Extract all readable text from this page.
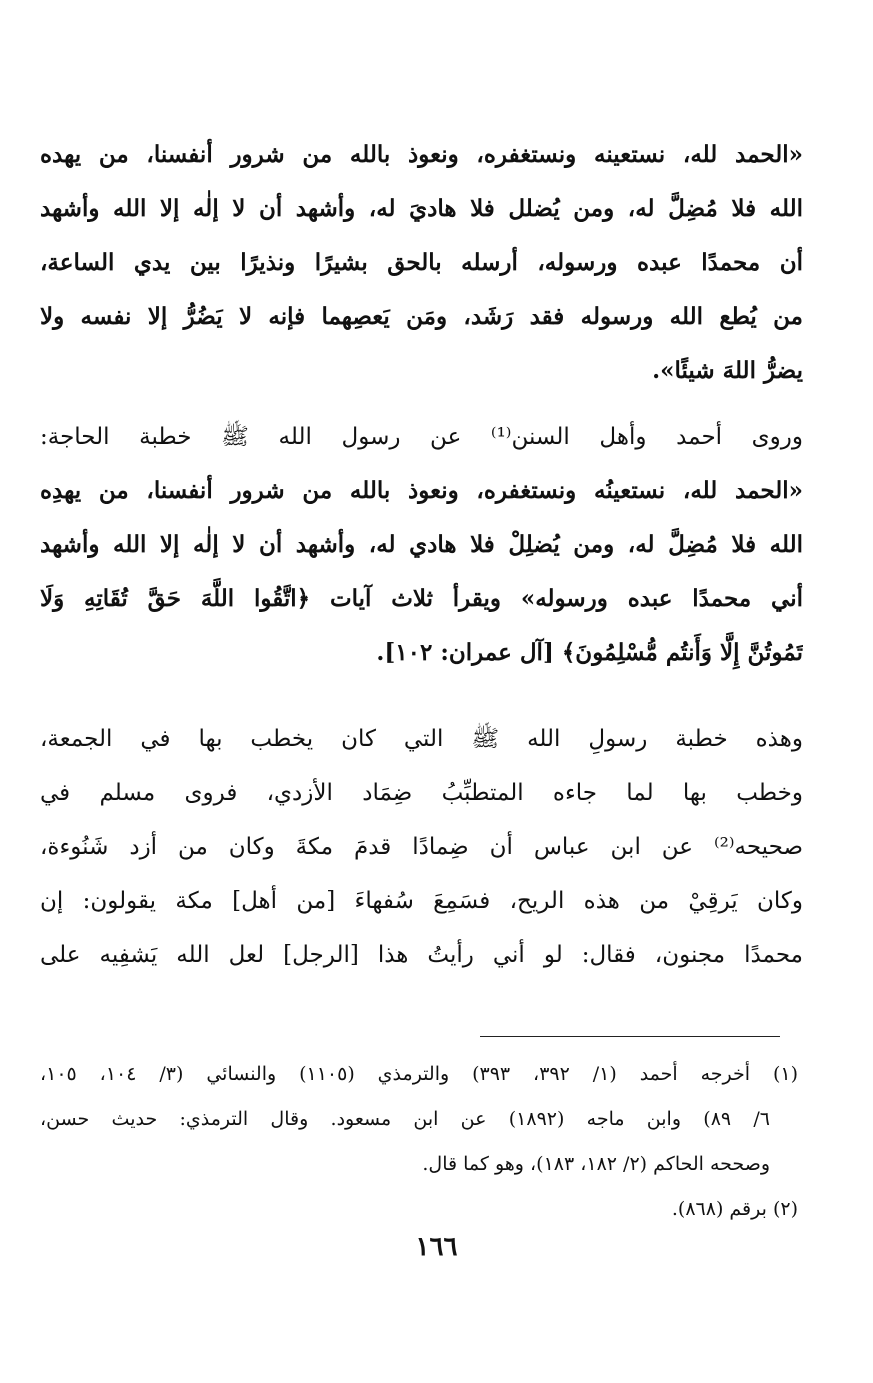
«الحمد لله، نستعينه ونستغفره، ونعوذ بالله من شرور أنفسنا، من يهده
الله فلا مُضِلَّ له، ومن يُضلل فلا هاديَ له، وأشهد أن لا إلٰه إلا الله وأشهد
أن محمدًا عبده ورسوله، أرسله بالحق بشيرًا ونذيرًا بين يدي الساعة،
من يُطع الله ورسوله فقد رَشَد، ومَن يَعصِهما فإنه لا يَضُرُّ إلا نفسه ولا
يضرُّ اللهَ شيئًا».
وروى أحمد وأهل السنن⁽¹⁾ عن رسول الله ﷺ خطبة الحاجة:
«الحمد لله، نستعينُه ونستغفره، ونعوذ بالله من شرور أنفسنا، من يهدِه
الله فلا مُضِلَّ له، ومن يُضلِلْ فلا هادي له، وأشهد أن لا إلٰه إلا الله وأشهد
أني محمدًا عبده ورسوله» ويقرأ ثلاث آيات ﴿اتَّقُوا اللَّهَ حَقَّ تُقَاتِهِ وَلَا
تَمُوتُنَّ إِلَّا وَأَنتُم مُّسْلِمُونَ﴾ [آل عمران: ١٠٢].
وهذه خطبة رسولِ الله ﷺ التي كان يخطب بها في الجمعة،
وخطب بها لما جاءه المتطبِّبُ ضِمَاد الأزدي، فروى مسلم في
صحيحه⁽²⁾ عن ابن عباس أن ضِمادًا قدمَ مكةَ وكان من أزد شَنُوءة،
وكان يَرقِيْ من هذه الريح، فسَمِعَ سُفهاءَ [من أهل] مكة يقولون: إن
محمدًا مجنون، فقال: لو أني رأيتُ هذا [الرجل] لعل الله يَشفِيه على
(١) أخرجه أحمد (١/ ٣٩٢، ٣٩٣) والترمذي (١١٠٥) والنسائي (٣/ ١٠٤، ١٠٥،
٦/ ٨٩) وابن ماجه (١٨٩٢) عن ابن مسعود. وقال الترمذي: حديث حسن،
وصححه الحاكم (٢/ ١٨٢، ١٨٣)، وهو كما قال.
(٢) برقم (٨٦٨).
١٦٦
